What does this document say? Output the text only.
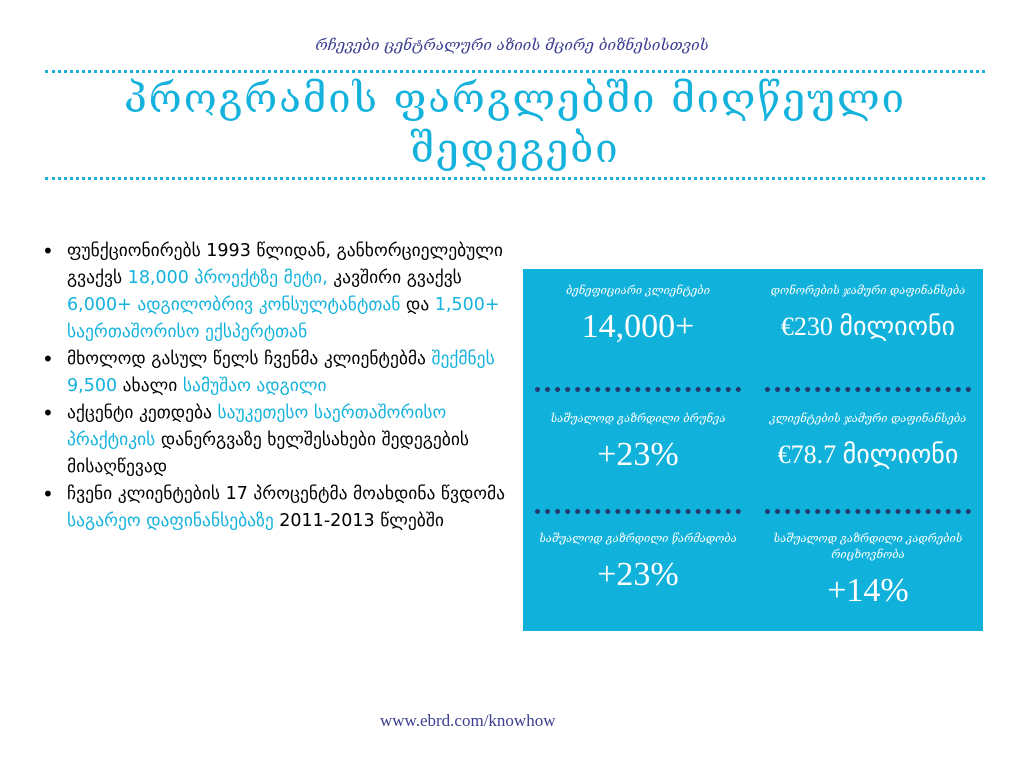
რჩევები ცენტრალური აზიის მცირე ბიზნესისთვის
პროგრამის ფარგლებში მიღწეული შედეგები
• ფუნქციონირებს 1993 წლიდან, განხორციელებული გვაქვს 18,000 პროექტზე მეტი, კავშირი გვაქვს 6,000+ ადგილობრივ კონსულტანტთან და 1,500+ საერთაშორისო ექსპერტთან
• მხოლოდ გასულ წელს ჩვენმა კლიენტებმა შექმნეს 9,500 ახალი სამუშაო ადგილი
• აქცენტი კეთდება საუკეთესო საერთაშორისო პრაქტიკის დანერგვაზე ხელშესახები შედეგების მისაღწევად
• ჩვენი კლიენტების 17 პროცენტმა მოახდინა წვდომა საგარეო დაფინანსებაზე 2011-2013 წლებში
ბენეფიციარი კლიენტები
14,000+
დონორების ჯამური დაფინანსება
€230 მილიონი
საშუალოდ გაზრდილი ბრუნვა
+23%
კლიენტების ჯამური დაფინანსება
€78.7 მილიონი
საშუალოდ გაზრდილი წარმადობა
+23%
საშუალოდ გაზრდილი კადრების რიცხოვნობა
+14%
www.ebrd.com/knowhow
